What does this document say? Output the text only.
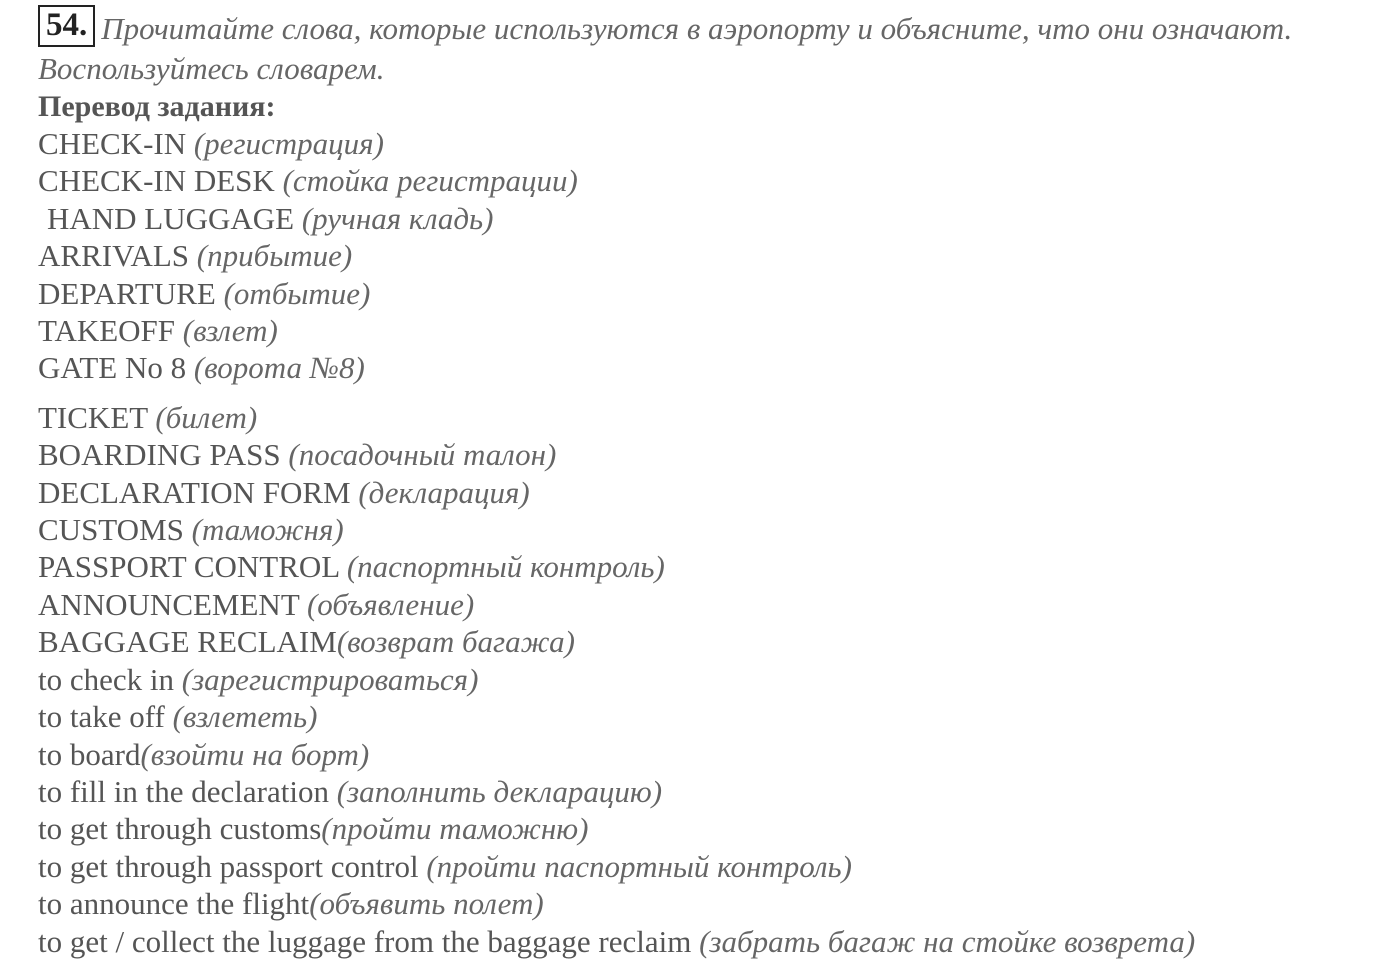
54. Прочитайте слова, которые используются в аэропорту и объясните, что они означают. Воспользуйтесь словарем.
Перевод задания:
CHECK-IN (регистрация)
CHECK-IN DESK (стойка регистрации)
HAND LUGGAGE (ручная кладь)
ARRIVALS (прибытие)
DEPARTURE (отбытие)
TAKEOFF (взлет)
GATE No 8 (ворота №8)
TICKET (билет)
BOARDING PASS (посадочный талон)
DECLARATION FORM (декларация)
CUSTOMS (таможня)
PASSPORT CONTROL (паспортный контроль)
ANNOUNCEMENT (объявление)
BAGGAGE RECLAIM(возврат багажа)
to check in (зарегистрироваться)
to take off (взлететь)
to board(взойти на борт)
to fill in the declaration (заполнить декларацию)
to get through customs(пройти таможню)
to get through passport control (пройти паспортный контроль)
to announce the flight(объявить полет)
to get / collect the luggage from the baggage reclaim (забрать багаж на стойке возврета)
